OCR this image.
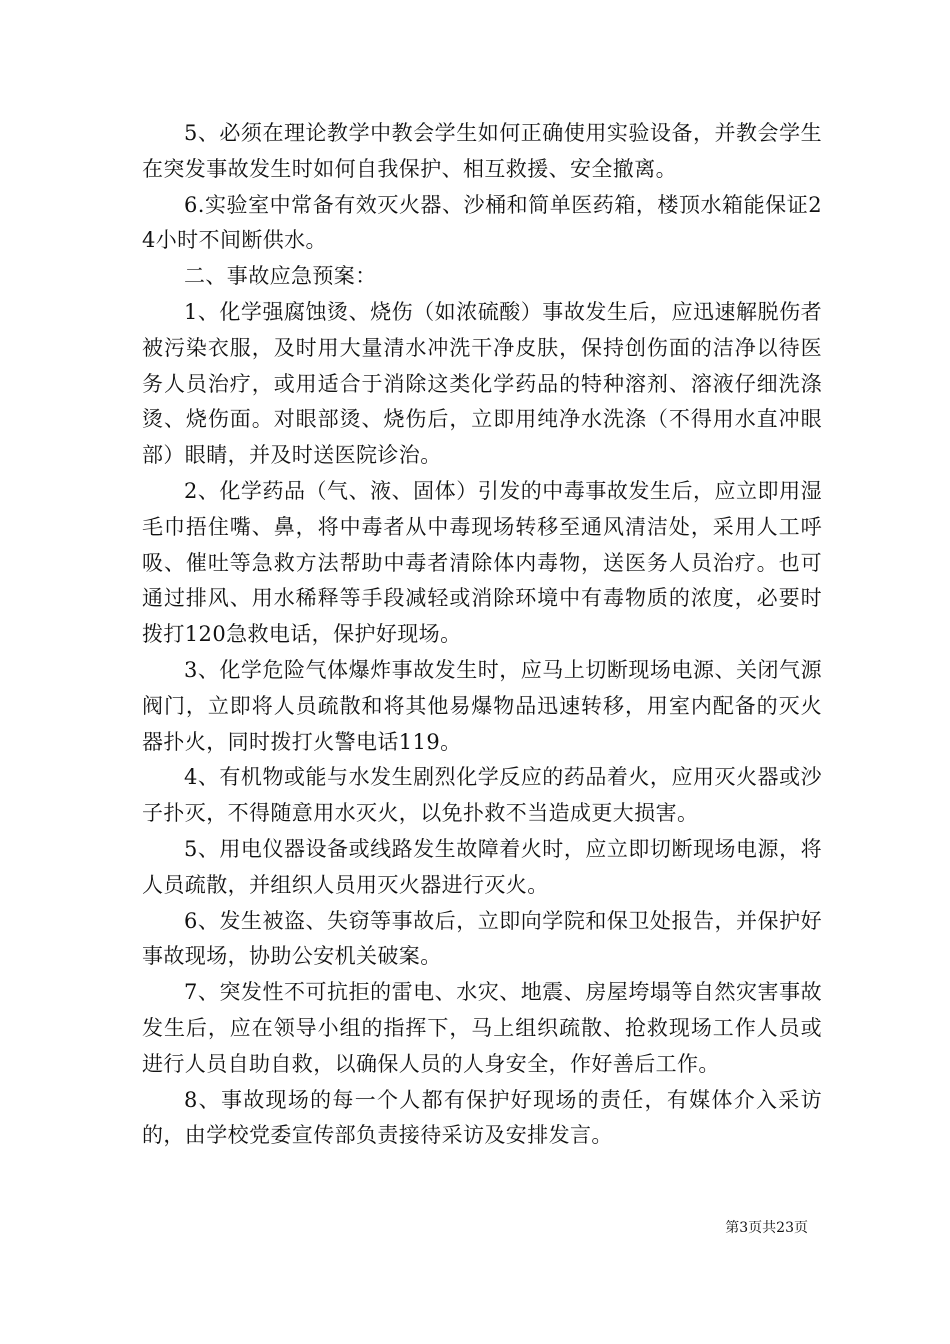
5、必须在理论教学中教会学生如何正确使用实验设备，并教会学生在突发事故发生时如何自我保护、相互救援、安全撤离。

6.实验室中常备有效灭火器、沙桶和简单医药箱，楼顶水箱能保证24小时不间断供水。

二、事故应急预案：

1、化学强腐蚀烫、烧伤（如浓硫酸）事故发生后，应迅速解脱伤者被污染衣服，及时用大量清水冲洗干净皮肤，保持创伤面的洁净以待医务人员治疗，或用适合于消除这类化学药品的特种溶剂、溶液仔细洗涤烫、烧伤面。对眼部烫、烧伤后，立即用纯净水洗涤（不得用水直冲眼部）眼睛，并及时送医院诊治。

2、化学药品（气、液、固体）引发的中毒事故发生后，应立即用湿毛巾捂住嘴、鼻，将中毒者从中毒现场转移至通风清洁处，采用人工呼吸、催吐等急救方法帮助中毒者清除体内毒物，送医务人员治疗。也可通过排风、用水稀释等手段减轻或消除环境中有毒物质的浓度，必要时拨打120急救电话，保护好现场。

3、化学危险气体爆炸事故发生时，应马上切断现场电源、关闭气源阀门，立即将人员疏散和将其他易爆物品迅速转移，用室内配备的灭火器扑火，同时拨打火警电话119。

4、有机物或能与水发生剧烈化学反应的药品着火，应用灭火器或沙子扑灭，不得随意用水灭火，以免扑救不当造成更大损害。

5、用电仪器设备或线路发生故障着火时，应立即切断现场电源，将人员疏散，并组织人员用灭火器进行灭火。

6、发生被盗、失窃等事故后，立即向学院和保卫处报告，并保护好事故现场，协助公安机关破案。

7、突发性不可抗拒的雷电、水灾、地震、房屋垮塌等自然灾害事故发生后，应在领导小组的指挥下，马上组织疏散、抢救现场工作人员或进行人员自助自救，以确保人员的人身安全，作好善后工作。

8、事故现场的每一个人都有保护好现场的责任，有媒体介入采访的，由学校党委宣传部负责接待采访及安排发言。

第3页共23页
